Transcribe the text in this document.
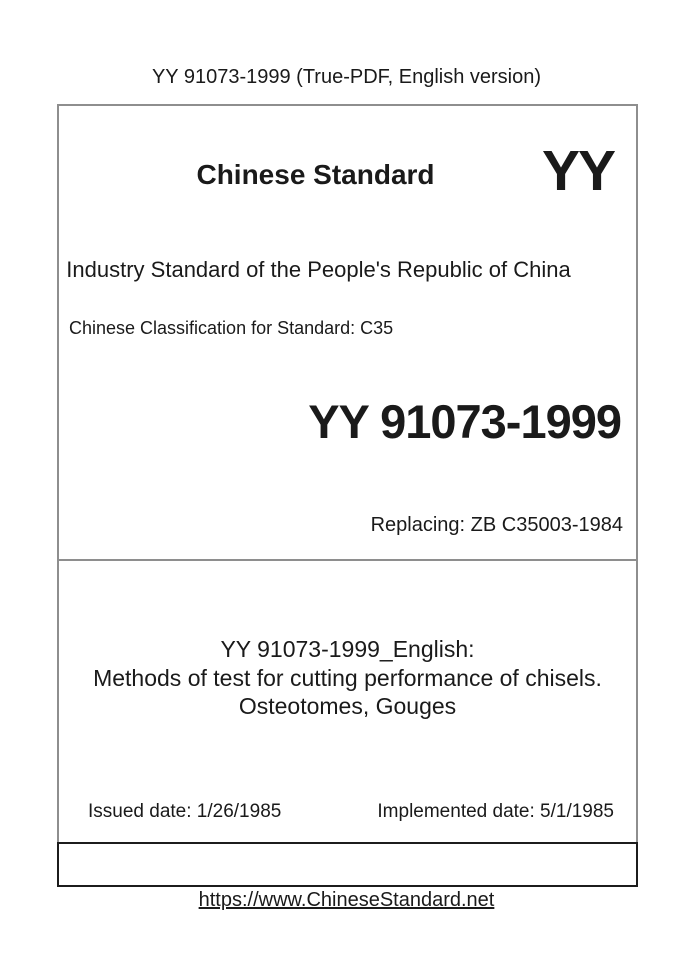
YY 91073-1999 (True-PDF, English version)
Chinese Standard	YY
Industry Standard of the People's Republic of China
Chinese Classification for Standard: C35
YY 91073-1999
Replacing: ZB C35003-1984
YY 91073-1999_English:
Methods of test for cutting performance of chisels.
Osteotomes, Gouges
Issued date: 1/26/1985	Implemented date: 5/1/1985
https://www.ChineseStandard.net
